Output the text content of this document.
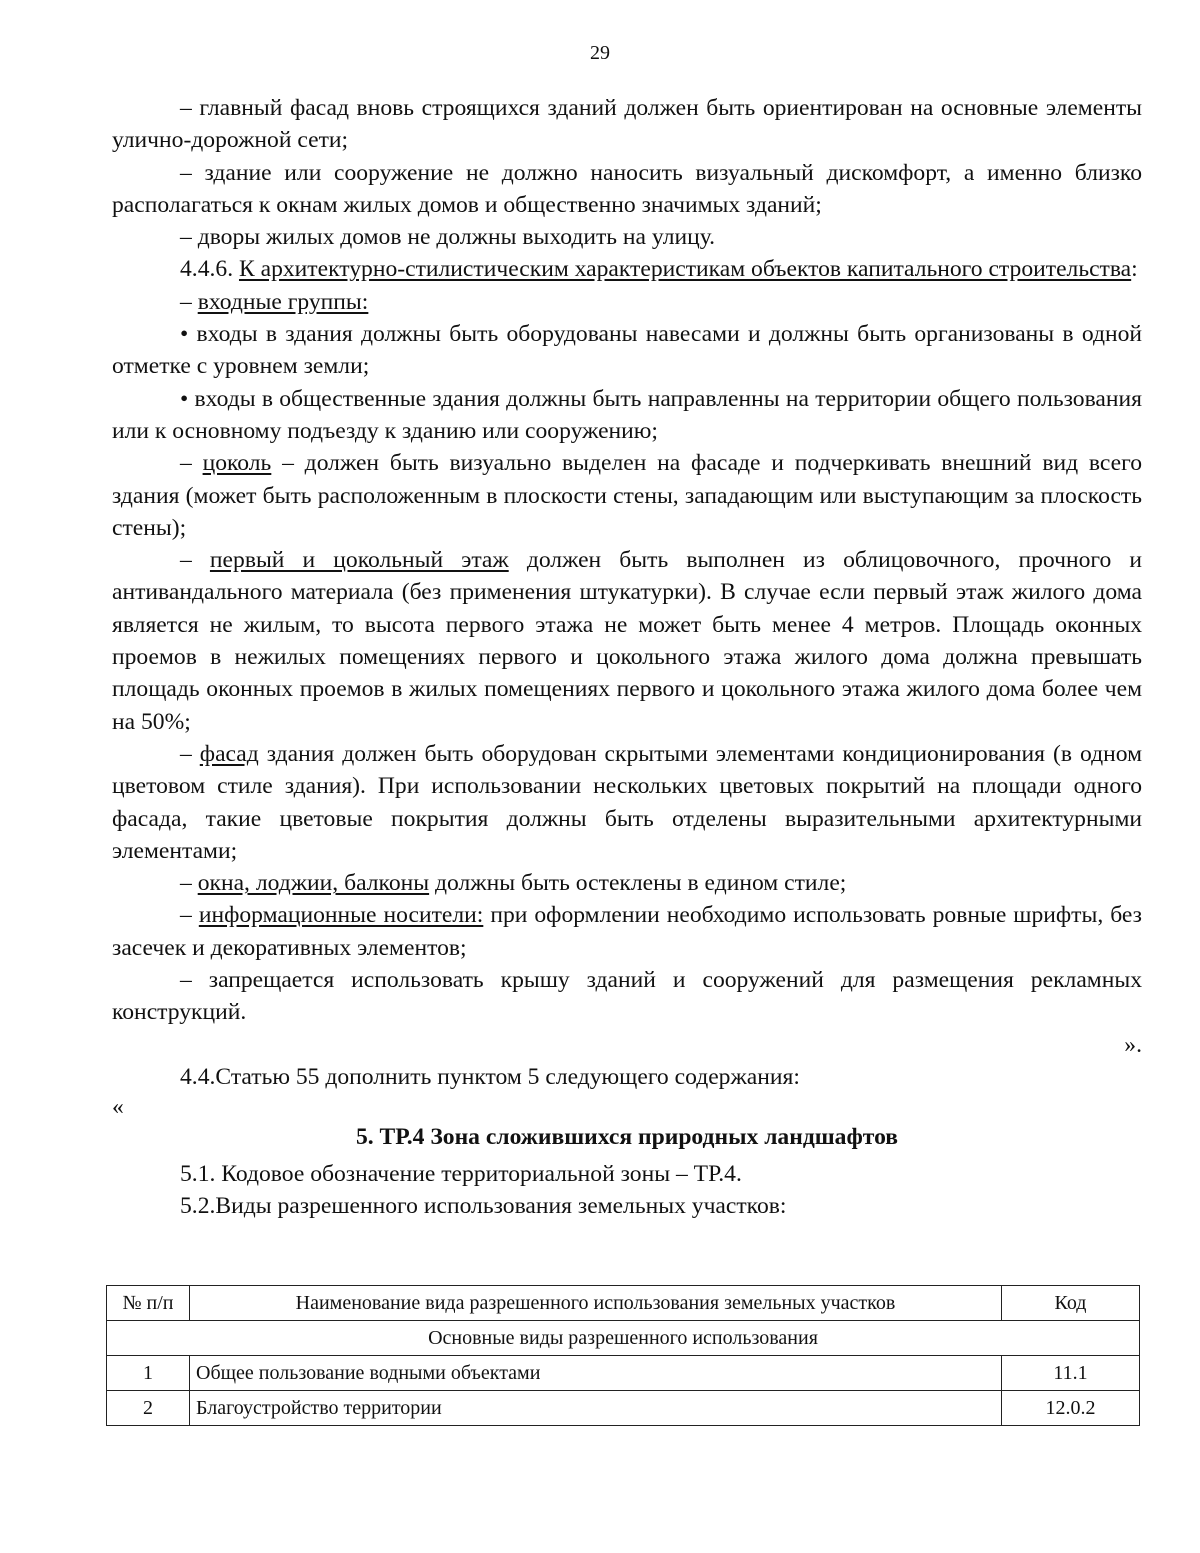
29

– главный фасад вновь строящихся зданий должен быть ориентирован на основные элементы улично-дорожной сети;

– здание или сооружение не должно наносить визуальный дискомфорт, а именно близко располагаться к окнам жилых домов и общественно значимых зданий;

– дворы жилых домов не должны выходить на улицу.

4.4.6. К архитектурно-стилистическим характеристикам объектов капитального строительства:

– входные группы:

• входы в здания должны быть оборудованы навесами и должны быть организованы в одной отметке с уровнем земли;

• входы в общественные здания должны быть направленны на территории общего пользования или к основному подъезду к зданию или сооружению;

– цоколь – должен быть визуально выделен на фасаде и подчеркивать внешний вид всего здания (может быть расположенным в плоскости стены, западающим или выступающим за плоскость стены);

– первый и цокольный этаж должен быть выполнен из облицовочного, прочного и антивандального материала (без применения штукатурки). В случае если первый этаж жилого дома является не жилым, то высота первого этажа не может быть менее 4 метров. Площадь оконных проемов в нежилых помещениях первого и цокольного этажа жилого дома должна превышать площадь оконных проемов в жилых помещениях первого и цокольного этажа жилого дома более чем на 50%;

– фасад здания должен быть оборудован скрытыми элементами кондиционирования (в одном цветовом стиле здания). При использовании нескольких цветовых покрытий на площади одного фасада, такие цветовые покрытия должны быть отделены выразительными архитектурными элементами;

– окна, лоджии, балконы должны быть остеклены в едином стиле;

– информационные носители: при оформлении необходимо использовать ровные шрифты, без засечек и декоративных элементов;

– запрещается использовать крышу зданий и сооружений для размещения рекламных конструкций.

».

4.4.Статью 55 дополнить пунктом 5 следующего содержания:

«

5. ТР.4 Зона сложившихся природных ландшафтов

5.1. Кодовое обозначение территориальной зоны – ТР.4.

5.2.Виды разрешенного использования земельных участков:

№ п/п	Наименование вида разрешенного использования земельных участков	Код
Основные виды разрешенного использования		
1	Общее пользование водными объектами	11.1
2	Благоустройство территории	12.0.2
